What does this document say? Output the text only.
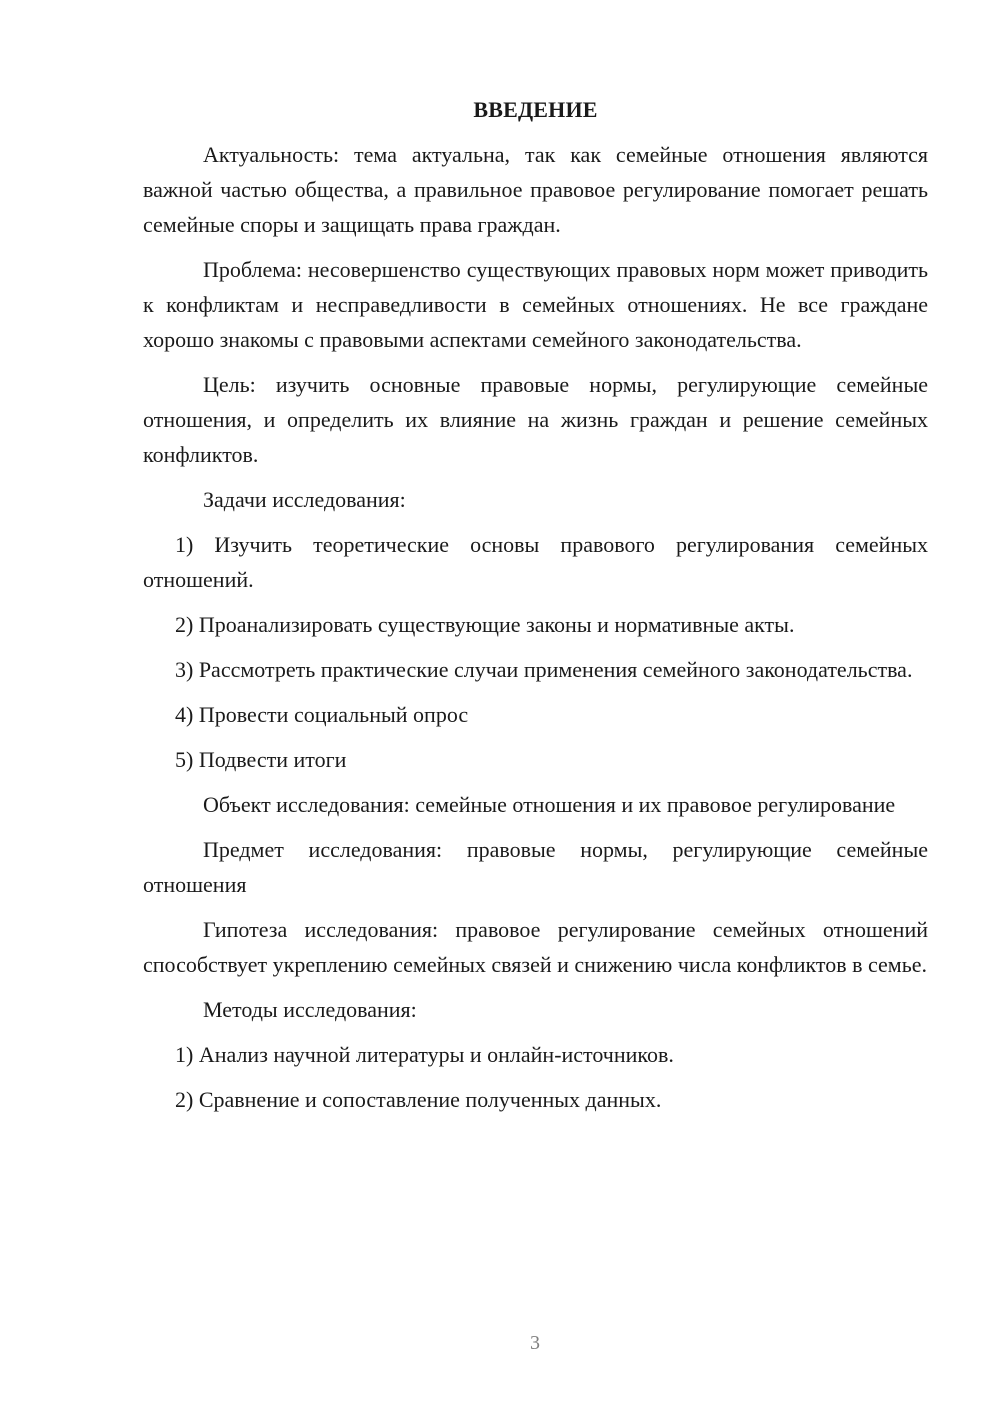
ВВЕДЕНИЕ

Актуальность: тема актуальна, так как семейные отношения являются важной частью общества, а правильное правовое регулирование помогает решать семейные споры и защищать права граждан.

Проблема: несовершенство существующих правовых норм может приводить к конфликтам и несправедливости в семейных отношениях. Не все граждане хорошо знакомы с правовыми аспектами семейного законодательства.

Цель: изучить основные правовые нормы, регулирующие семейные отношения, и определить их влияние на жизнь граждан и решение семейных конфликтов.

Задачи исследования:

1) Изучить теоретические основы правового регулирования семейных отношений.

2) Проанализировать существующие законы и нормативные акты.

3) Рассмотреть практические случаи применения семейного законодательства.

4) Провести социальный опрос

5) Подвести итоги

Объект исследования: семейные отношения и их правовое регулирование

Предмет исследования: правовые нормы, регулирующие семейные отношения

Гипотеза исследования: правовое регулирование семейных отношений способствует укреплению семейных связей и снижению числа конфликтов в семье.

Методы исследования:

1) Анализ научной литературы и онлайн-источников.

2) Сравнение и сопоставление полученных данных.

3
